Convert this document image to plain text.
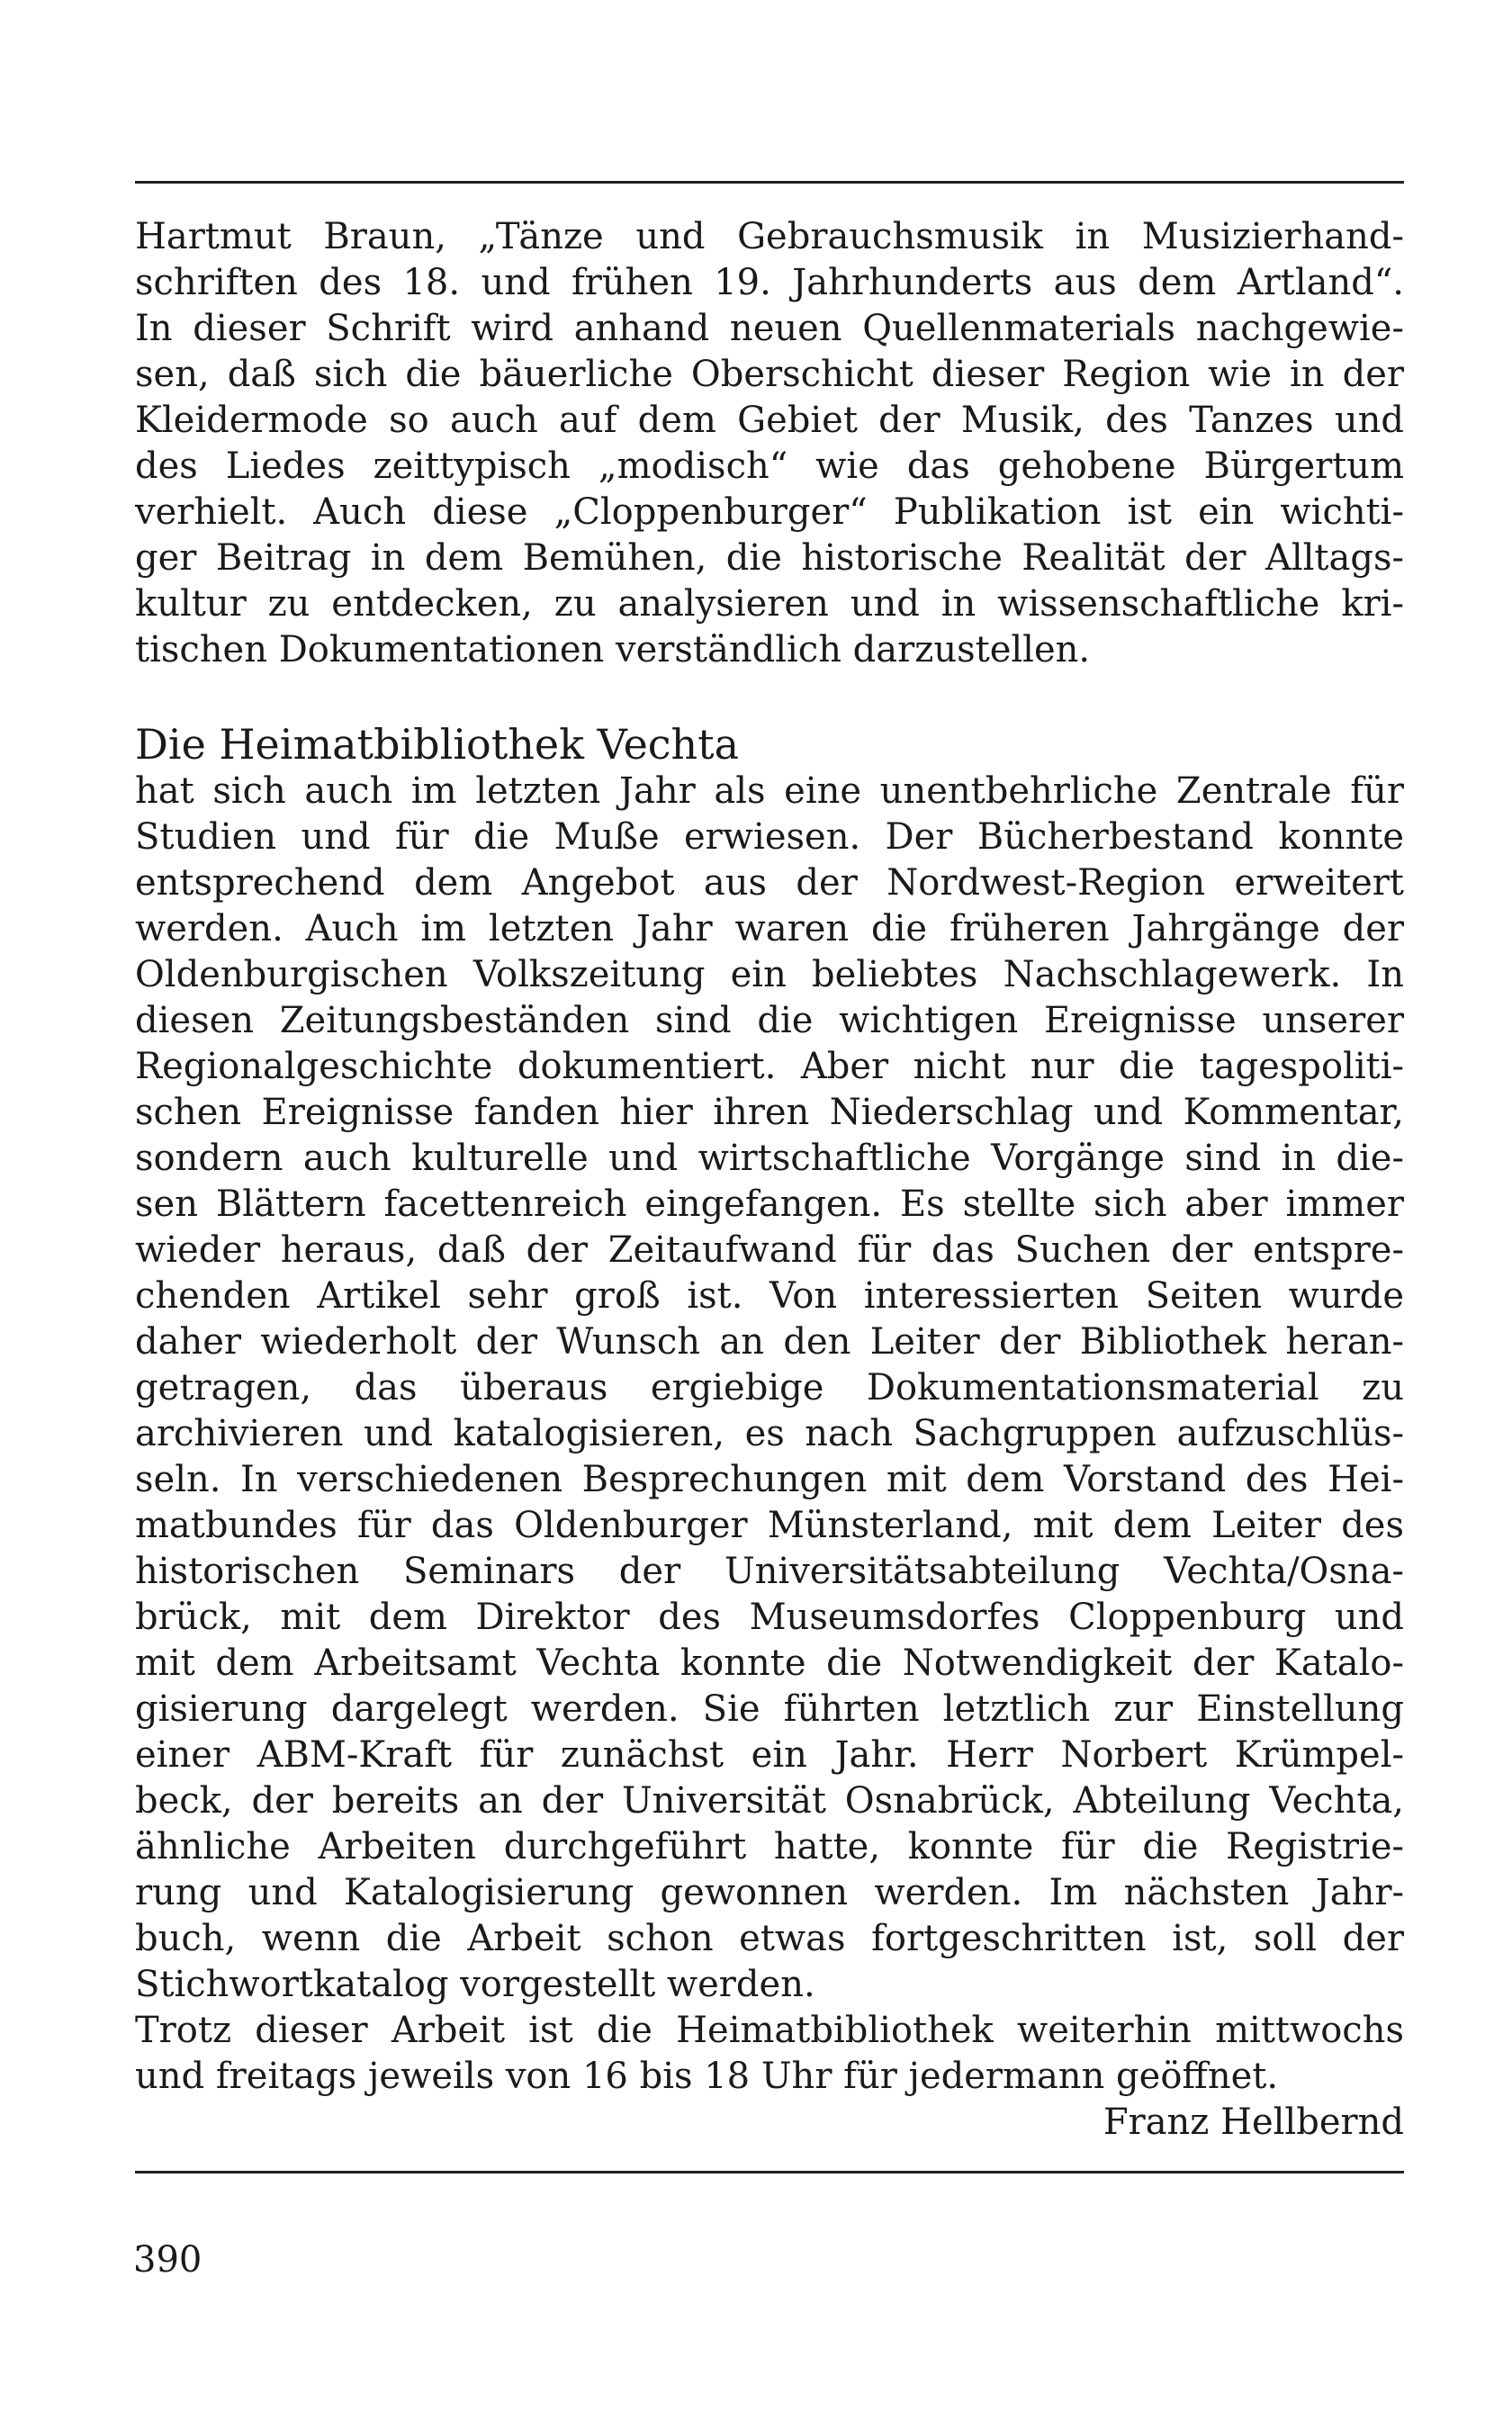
Hartmut Braun, „Tänze und Gebrauchsmusik in Musizierhand-
schriften des 18. und frühen 19. Jahrhunderts aus dem Artland“.
In dieser Schrift wird anhand neuen Quellenmaterials nachgewie-
sen, daß sich die bäuerliche Oberschicht dieser Region wie in der
Kleidermode so auch auf dem Gebiet der Musik, des Tanzes und
des Liedes zeittypisch „modisch“ wie das gehobene Bürgertum
verhielt. Auch diese „Cloppenburger“ Publikation ist ein wichti-
ger Beitrag in dem Bemühen, die historische Realität der Alltags-
kultur zu entdecken, zu analysieren und in wissenschaftliche kri-
tischen Dokumentationen verständlich darzustellen.
Die Heimatbibliothek Vechta
hat sich auch im letzten Jahr als eine unentbehrliche Zentrale für
Studien und für die Muße erwiesen. Der Bücherbestand konnte
entsprechend dem Angebot aus der Nordwest-Region erweitert
werden. Auch im letzten Jahr waren die früheren Jahrgänge der
Oldenburgischen Volkszeitung ein beliebtes Nachschlagewerk. In
diesen Zeitungsbeständen sind die wichtigen Ereignisse unserer
Regionalgeschichte dokumentiert. Aber nicht nur die tagespoliti-
schen Ereignisse fanden hier ihren Niederschlag und Kommentar,
sondern auch kulturelle und wirtschaftliche Vorgänge sind in die-
sen Blättern facettenreich eingefangen. Es stellte sich aber immer
wieder heraus, daß der Zeitaufwand für das Suchen der entspre-
chenden Artikel sehr groß ist. Von interessierten Seiten wurde
daher wiederholt der Wunsch an den Leiter der Bibliothek heran-
getragen, das überaus ergiebige Dokumentationsmaterial zu
archivieren und katalogisieren, es nach Sachgruppen aufzuschlüs-
seln. In verschiedenen Besprechungen mit dem Vorstand des Hei-
matbundes für das Oldenburger Münsterland, mit dem Leiter des
historischen Seminars der Universitätsabteilung Vechta/Osna-
brück, mit dem Direktor des Museumsdorfes Cloppenburg und
mit dem Arbeitsamt Vechta konnte die Notwendigkeit der Katalo-
gisierung dargelegt werden. Sie führten letztlich zur Einstellung
einer ABM-Kraft für zunächst ein Jahr. Herr Norbert Krümpel-
beck, der bereits an der Universität Osnabrück, Abteilung Vechta,
ähnliche Arbeiten durchgeführt hatte, konnte für die Registrie-
rung und Katalogisierung gewonnen werden. Im nächsten Jahr-
buch, wenn die Arbeit schon etwas fortgeschritten ist, soll der
Stichwortkatalog vorgestellt werden.
Trotz dieser Arbeit ist die Heimatbibliothek weiterhin mittwochs
und freitags jeweils von 16 bis 18 Uhr für jedermann geöffnet.
Franz Hellbernd
390
